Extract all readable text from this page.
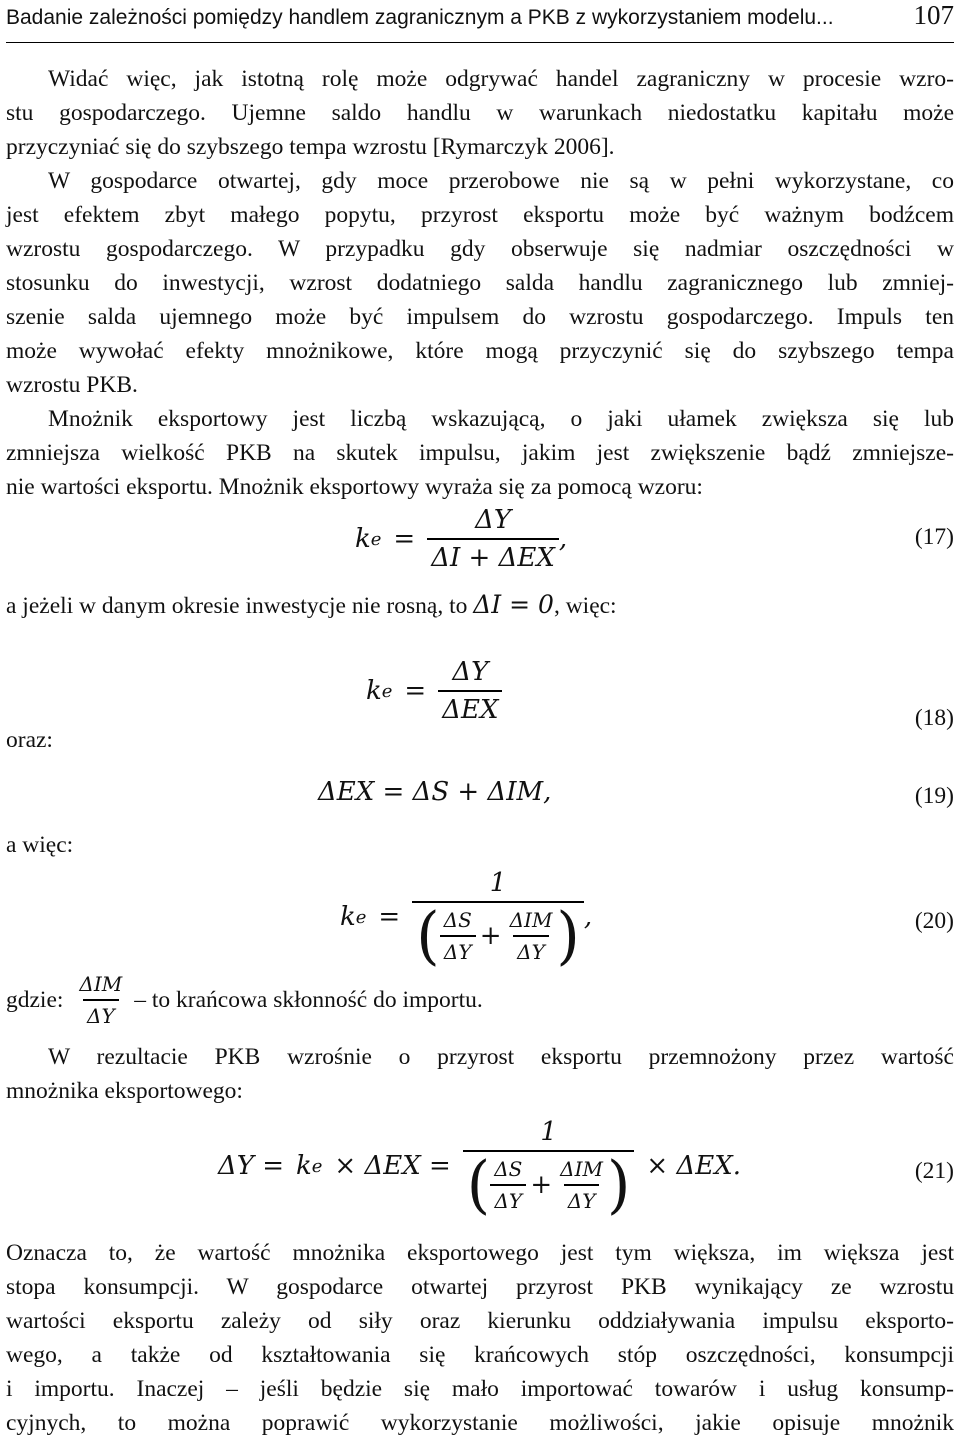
Badanie zależności pomiędzy handlem zagranicznym a PKB z wykorzystaniem modelu...	107
Widać więc, jak istotną rolę może odgrywać handel zagraniczny w procesie wzro-
stu gospodarczego. Ujemne saldo handlu w warunkach niedostatku kapitału może
przyczyniać się do szybszego tempa wzrostu [Rymarczyk 2006].
W gospodarce otwartej, gdy moce przerobowe nie są w pełni wykorzystane, co
jest efektem zbyt małego popytu, przyrost eksportu może być ważnym bodźcem
wzrostu gospodarczego. W przypadku gdy obserwuje się nadmiar oszczędności w
stosunku do inwestycji, wzrost dodatniego salda handlu zagranicznego lub zmniej-
szenie salda ujemnego może być impulsem do wzrostu gospodarczego. Impuls ten
może wywołać efekty mnożnikowe, które mogą przyczynić się do szybszego tempa
wzrostu PKB.
Mnożnik eksportowy jest liczbą wskazującą, o jaki ułamek zwiększa się lub
zmniejsza wielkość PKB na skutek impulsu, jakim jest zwiększenie bądź zmniejsze-
nie wartości eksportu. Mnożnik eksportowy wyraża się za pomocą wzoru:
k $e = \frac{\Delta Y}{\text{ΔI + ΔEX}}$ ,	(17)
a jeżeli w danym okresie inwestycje nie rosną, to ΔI = 0, więc:
k $e = \frac{\Delta Y}{\text{ΔEX}}$	(18)
oraz:
ΔEX = ΔS + ΔIM,	(19)
a więc:
k e =
1
( $\frac{\Delta S}{\Delta Y} + \frac{\text{ΔIM}}{\Delta Y}$ ) ,	(20)
gdzie: $\frac{\text{ΔIM}}{\Delta Y}$ – to krańcowa skłonność do importu.
W rezultacie PKB wzrośnie o przyrost eksportu przemnożony przez wartość
mnożnika eksportowego:
ΔY = k e × ΔEX =
1
( $\frac{\Delta S}{\Delta Y} + \frac{\text{ΔIM}}{\Delta Y}$ ) × ΔEX.	(21)
Oznacza to, że wartość mnożnika eksportowego jest tym większa, im większa jest
stopa konsumpcji. W gospodarce otwartej przyrost PKB wynikający ze wzrostu
wartości eksportu zależy od siły oraz kierunku oddziaływania impulsu eksporto-
wego, a także od kształtowania się krańcowych stóp oszczędności, konsumpcji
i importu. Inaczej – jeśli będzie się mało importować towarów i usług konsump-
cyjnych, to można poprawić wykorzystanie możliwości, jakie opisuje mnożnik
